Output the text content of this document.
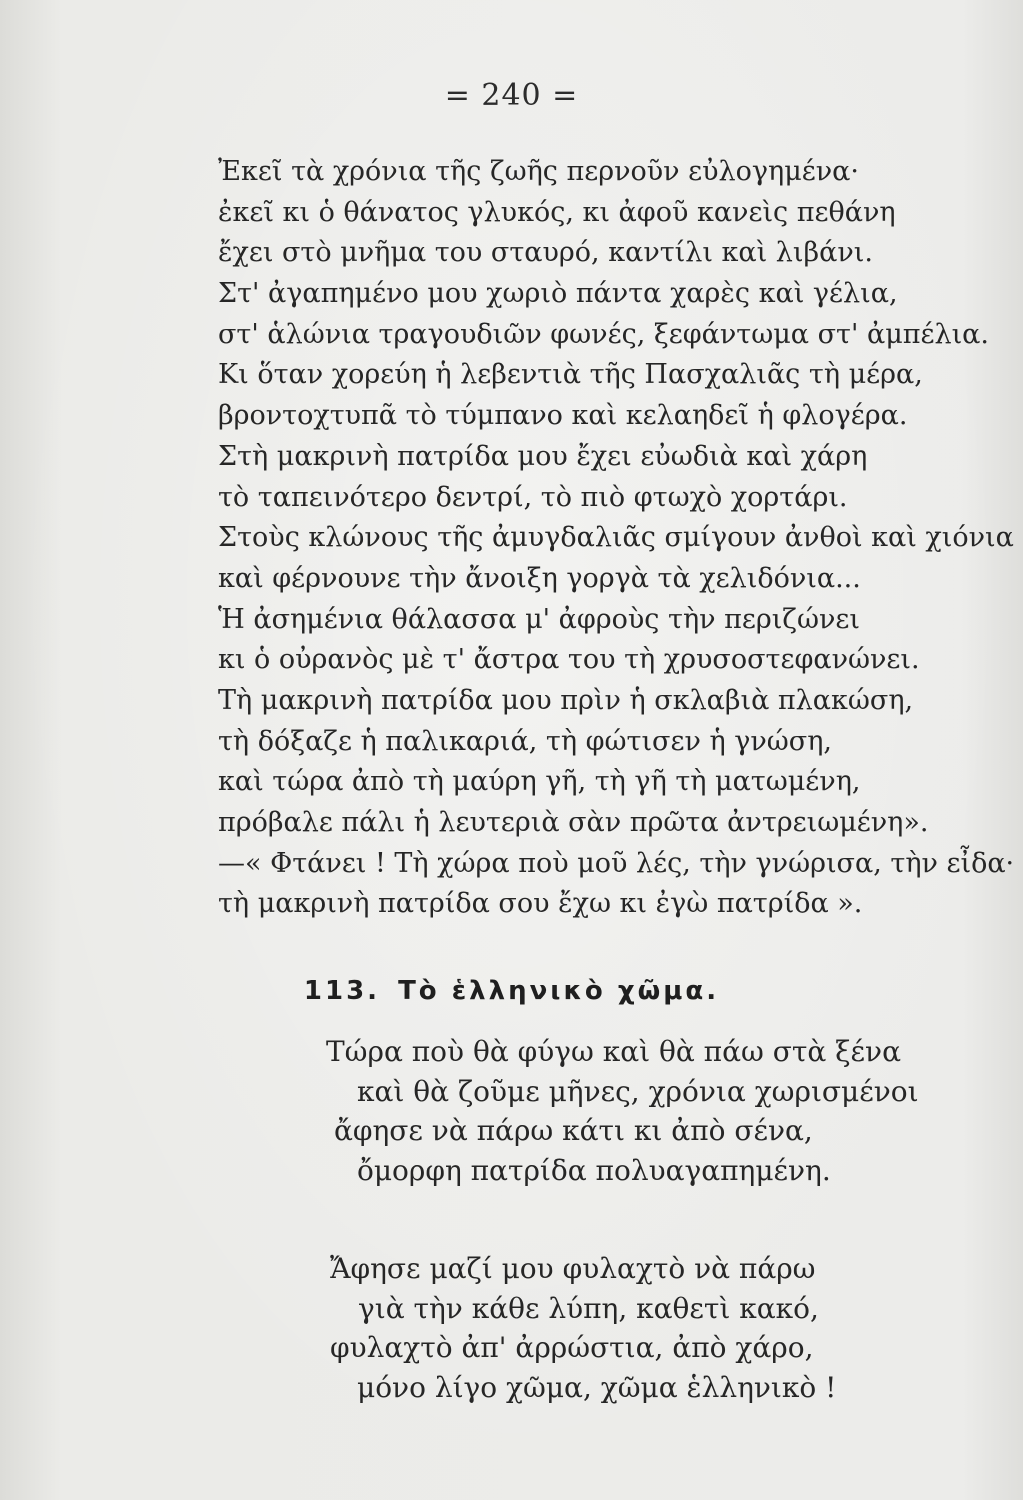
= 240 =
Ἐκεῖ τὰ χρόνια τῆς ζωῆς περνοῦν εὐλογημένα·
ἐκεῖ κι ὁ θάνατος γλυκός, κι ἀφοῦ κανεὶς πεθάνη
ἔχει στὸ μνῆμα του σταυρό, καντίλι καὶ λιβάνι.
Στ' ἀγαπημένο μου χωριὸ πάντα χαρὲς καὶ γέλια,
στ' ἁλώνια τραγουδιῶν φωνές, ξεφάντωμα στ' ἀμπέλια.
Κι ὅταν χορεύη ἡ λεβεντιὰ τῆς Πασχαλιᾶς τὴ μέρα,
βροντοχτυπᾶ τὸ τύμπανο καὶ κελαηδεῖ ἡ φλογέρα.
Στὴ μακρινὴ πατρίδα μου ἔχει εὐωδιὰ καὶ χάρη
τὸ ταπεινότερο δεντρί, τὸ πιὸ φτωχὸ χορτάρι.
Στοὺς κλώνους τῆς ἀμυγδαλιᾶς σμίγουν ἀνθοὶ καὶ χιόνια
καὶ φέρνουνε τὴν ἄνοιξη γοργὰ τὰ χελιδόνια...
Ἡ ἀσημένια θάλασσα μ' ἀφροὺς τὴν περιζώνει
κι ὁ οὐρανὸς μὲ τ' ἄστρα του τὴ χρυσοστεφανώνει.
Τὴ μακρινὴ πατρίδα μου πρὶν ἡ σκλαβιὰ πλακώση,
τὴ δόξαζε ἡ παλικαριά, τὴ φώτισεν ἡ γνώση,
καὶ τώρα ἀπὸ τὴ μαύρη γῆ, τὴ γῆ τὴ ματωμένη,
πρόβαλε πάλι ἡ λευτεριὰ σὰν πρῶτα ἀντρειωμένη».
—« Φτάνει ! Τὴ χώρα ποὺ μοῦ λές, τὴν γνώρισα, τὴν εἶδα·
τὴ μακρινὴ πατρίδα σου ἔχω κι ἐγὼ πατρίδα ».
113. Τὸ ἑλληνικὸ χῶμα.
Τώρα ποὺ θὰ φύγω καὶ θὰ πάω στὰ ξένα
καὶ θὰ ζοῦμε μῆνες, χρόνια χωρισμένοι
ἄφησε νὰ πάρω κάτι κι ἀπὸ σένα,
ὄμορφη πατρίδα πολυαγαπημένη.
Ἄφησε μαζί μου φυλαχτὸ νὰ πάρω
γιὰ τὴν κάθε λύπη, καθετὶ κακό,
φυλαχτὸ ἀπ' ἀρρώστια, ἀπὸ χάρο,
μόνο λίγο χῶμα, χῶμα ἑλληνικὸ !
